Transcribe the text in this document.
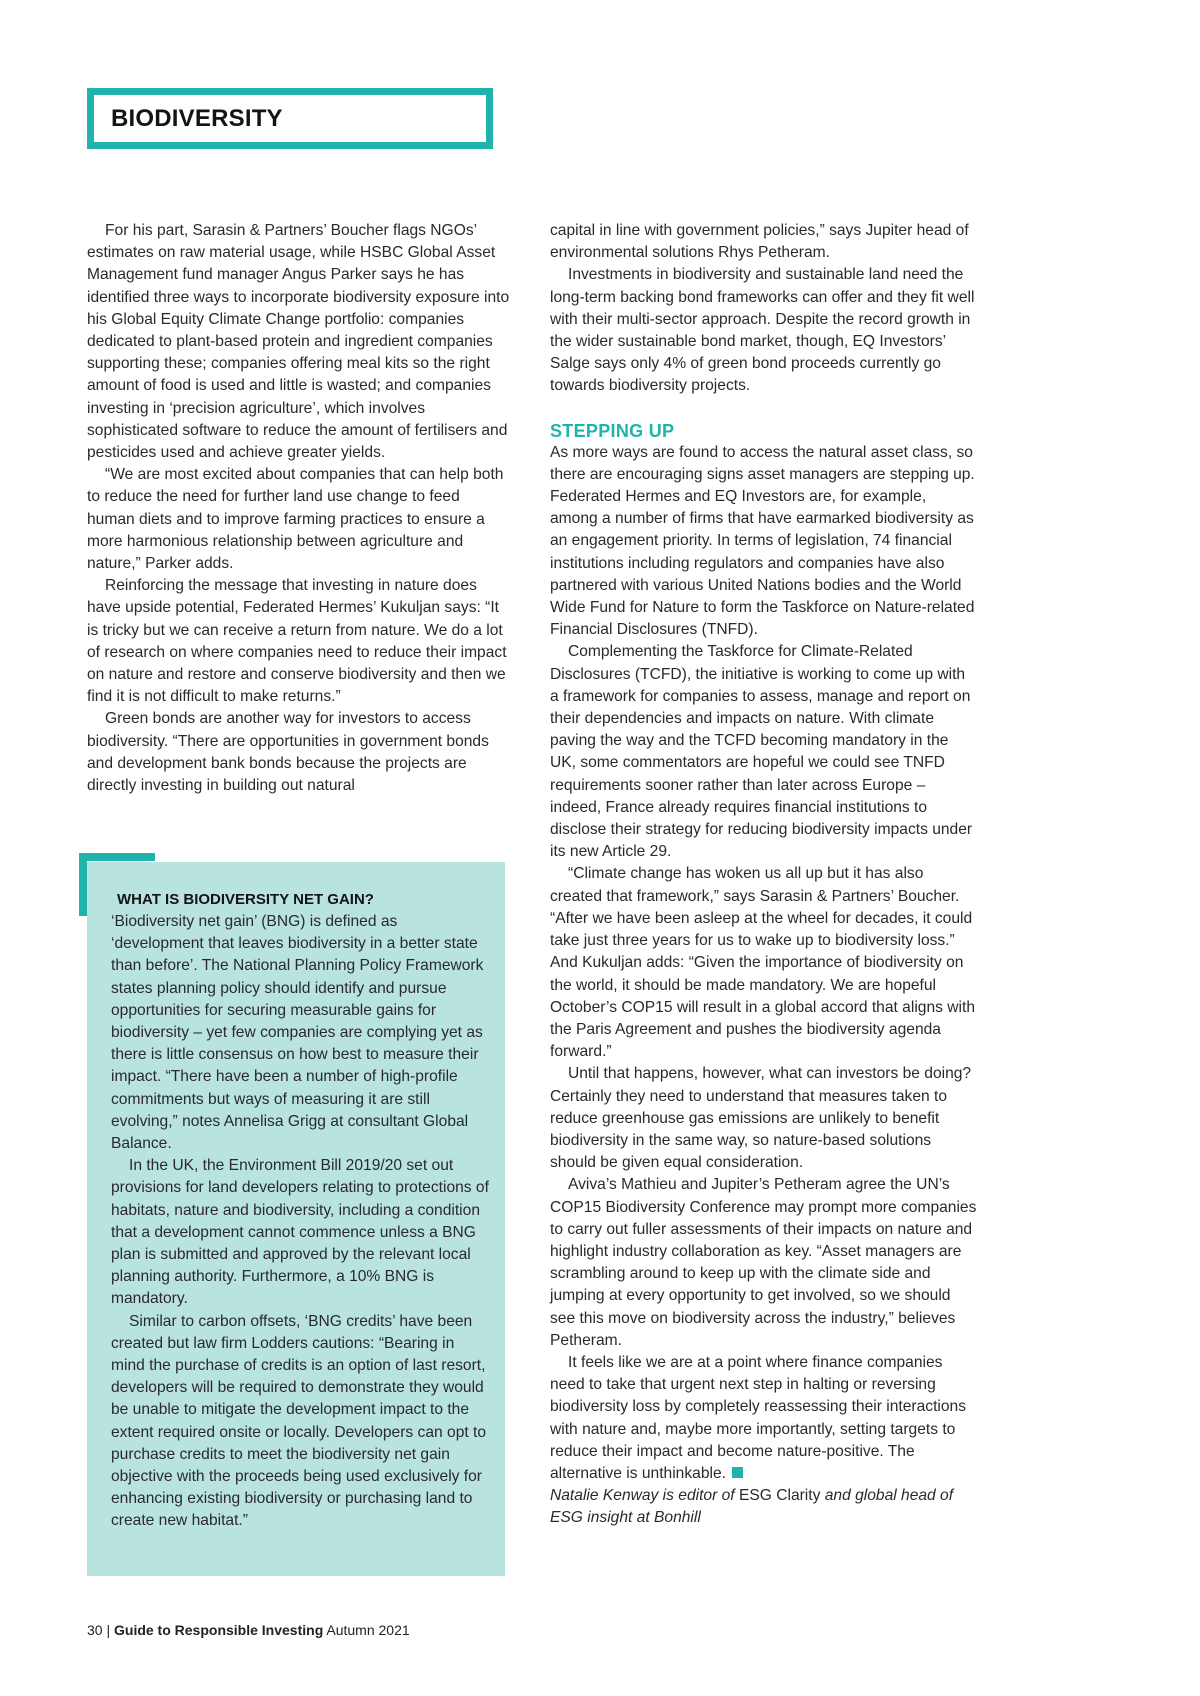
BIODIVERSITY

For his part, Sarasin & Partners’ Boucher flags NGOs’ estimates on raw material usage, while HSBC Global Asset Management fund manager Angus Parker says he has identified three ways to incorporate biodiversity exposure into his Global Equity Climate Change portfolio: companies dedicated to plant-based protein and ingredient companies supporting these; companies offering meal kits so the right amount of food is used and little is wasted; and companies investing in ‘precision agriculture’, which involves sophisticated software to reduce the amount of fertilisers and pesticides used and achieve greater yields.

“We are most excited about companies that can help both to reduce the need for further land use change to feed human diets and to improve farming practices to ensure a more harmonious relationship between agriculture and nature,” Parker adds.

Reinforcing the message that investing in nature does have upside potential, Federated Hermes’ Kukuljan says: “It is tricky but we can receive a return from nature. We do a lot of research on where companies need to reduce their impact on nature and restore and conserve biodiversity and then we find it is not difficult to make returns.”

Green bonds are another way for investors to access biodiversity. “There are opportunities in government bonds and development bank bonds because the projects are directly investing in building out natural

WHAT IS BIODIVERSITY NET GAIN?

‘Biodiversity net gain’ (BNG) is defined as ‘development that leaves biodiversity in a better state than before’. The National Planning Policy Framework states planning policy should identify and pursue opportunities for securing measurable gains for biodiversity – yet few companies are complying yet as there is little consensus on how best to measure their impact. “There have been a number of high-profile commitments but ways of measuring it are still evolving,” notes Annelisa Grigg at consultant Global Balance.

In the UK, the Environment Bill 2019/20 set out provisions for land developers relating to protections of habitats, nature and biodiversity, including a condition that a development cannot commence unless a BNG plan is submitted and approved by the relevant local planning authority. Furthermore, a 10% BNG is mandatory.

Similar to carbon offsets, ‘BNG credits’ have been created but law firm Lodders cautions: “Bearing in mind the purchase of credits is an option of last resort, developers will be required to demonstrate they would be unable to mitigate the development impact to the extent required onsite or locally. Developers can opt to purchase credits to meet the biodiversity net gain objective with the proceeds being used exclusively for enhancing existing biodiversity or purchasing land to create new habitat.”

capital in line with government policies,” says Jupiter head of environmental solutions Rhys Petheram.

Investments in biodiversity and sustainable land need the long-term backing bond frameworks can offer and they fit well with their multi-sector approach. Despite the record growth in the wider sustainable bond market, though, EQ Investors’ Salge says only 4% of green bond proceeds currently go towards biodiversity projects.

STEPPING UP

As more ways are found to access the natural asset class, so there are encouraging signs asset managers are stepping up. Federated Hermes and EQ Investors are, for example, among a number of firms that have earmarked biodiversity as an engagement priority. In terms of legislation, 74 financial institutions including regulators and companies have also partnered with various United Nations bodies and the World Wide Fund for Nature to form the Taskforce on Nature-related Financial Disclosures (TNFD).

Complementing the Taskforce for Climate-Related Disclosures (TCFD), the initiative is working to come up with a framework for companies to assess, manage and report on their dependencies and impacts on nature. With climate paving the way and the TCFD becoming mandatory in the UK, some commentators are hopeful we could see TNFD requirements sooner rather than later across Europe – indeed, France already requires financial institutions to disclose their strategy for reducing biodiversity impacts under its new Article 29.

“Climate change has woken us all up but it has also created that framework,” says Sarasin & Partners’ Boucher. “After we have been asleep at the wheel for decades, it could take just three years for us to wake up to biodiversity loss.” And Kukuljan adds: “Given the importance of biodiversity on the world, it should be made mandatory. We are hopeful October’s COP15 will result in a global accord that aligns with the Paris Agreement and pushes the biodiversity agenda forward.”

Until that happens, however, what can investors be doing? Certainly they need to understand that measures taken to reduce greenhouse gas emissions are unlikely to benefit biodiversity in the same way, so nature-based solutions should be given equal consideration.

Aviva’s Mathieu and Jupiter’s Petheram agree the UN’s COP15 Biodiversity Conference may prompt more companies to carry out fuller assessments of their impacts on nature and highlight industry collaboration as key. “Asset managers are scrambling around to keep up with the climate side and jumping at every opportunity to get involved, so we should see this move on biodiversity across the industry,” believes Petheram.

It feels like we are at a point where finance companies need to take that urgent next step in halting or reversing biodiversity loss by completely reassessing their interactions with nature and, maybe more importantly, setting targets to reduce their impact and become nature-positive. The alternative is unthinkable.

Natalie Kenway is editor of ESG Clarity and global head of ESG insight at Bonhill

30 | Guide to Responsible Investing Autumn 2021
